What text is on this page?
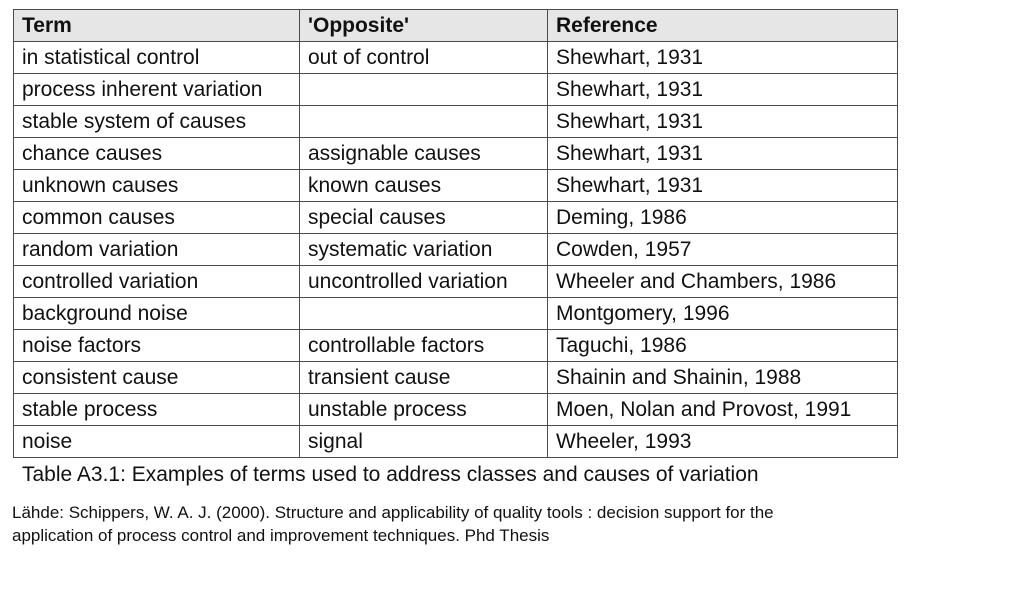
Term	'Opposite'	Reference
in statistical control	out of control	Shewhart, 1931
process inherent variation		Shewhart, 1931
stable system of causes		Shewhart, 1931
chance causes	assignable causes	Shewhart, 1931
unknown causes	known causes	Shewhart, 1931
common causes	special causes	Deming, 1986
random variation	systematic variation	Cowden, 1957
controlled variation	uncontrolled variation	Wheeler and Chambers, 1986
background noise		Montgomery, 1996
noise factors	controllable factors	Taguchi, 1986
consistent cause	transient cause	Shainin and Shainin, 1988
stable process	unstable process	Moen, Nolan and Provost, 1991
noise	signal	Wheeler, 1993
Table A3.1: Examples of terms used to address classes and causes of variation
Lähde: Schippers, W. A. J. (2000). Structure and applicability of quality tools : decision support for the
application of process control and improvement techniques. Phd Thesis
